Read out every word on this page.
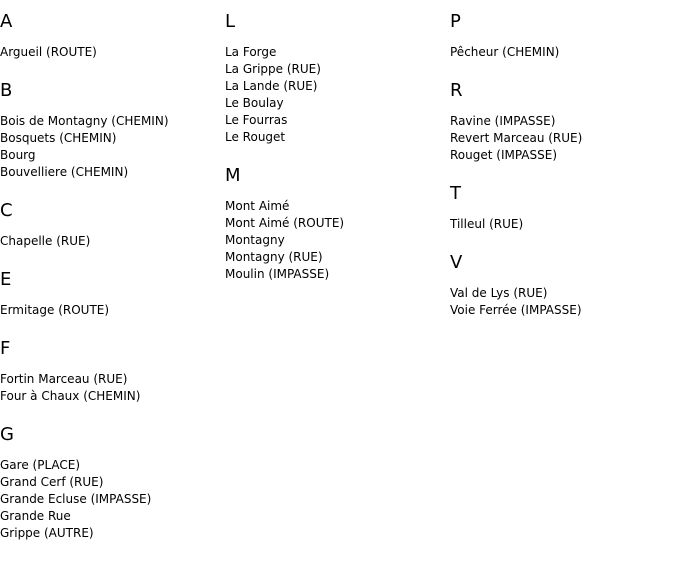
A
Argueil (ROUTE)
B
Bois de Montagny (CHEMIN)
Bosquets (CHEMIN)
Bourg
Bouvelliere (CHEMIN)
C
Chapelle (RUE)
E
Ermitage (ROUTE)
F
Fortin Marceau (RUE)
Four à Chaux (CHEMIN)
G
Gare (PLACE)
Grand Cerf (RUE)
Grande Ecluse (IMPASSE)
Grande Rue
Grippe (AUTRE)
L
La Forge
La Grippe (RUE)
La Lande (RUE)
Le Boulay
Le Fourras
Le Rouget
M
Mont Aimé
Mont Aimé (ROUTE)
Montagny
Montagny (RUE)
Moulin (IMPASSE)
P
Pêcheur (CHEMIN)
R
Ravine (IMPASSE)
Revert Marceau (RUE)
Rouget (IMPASSE)
T
Tilleul (RUE)
V
Val de Lys (RUE)
Voie Ferrée (IMPASSE)
